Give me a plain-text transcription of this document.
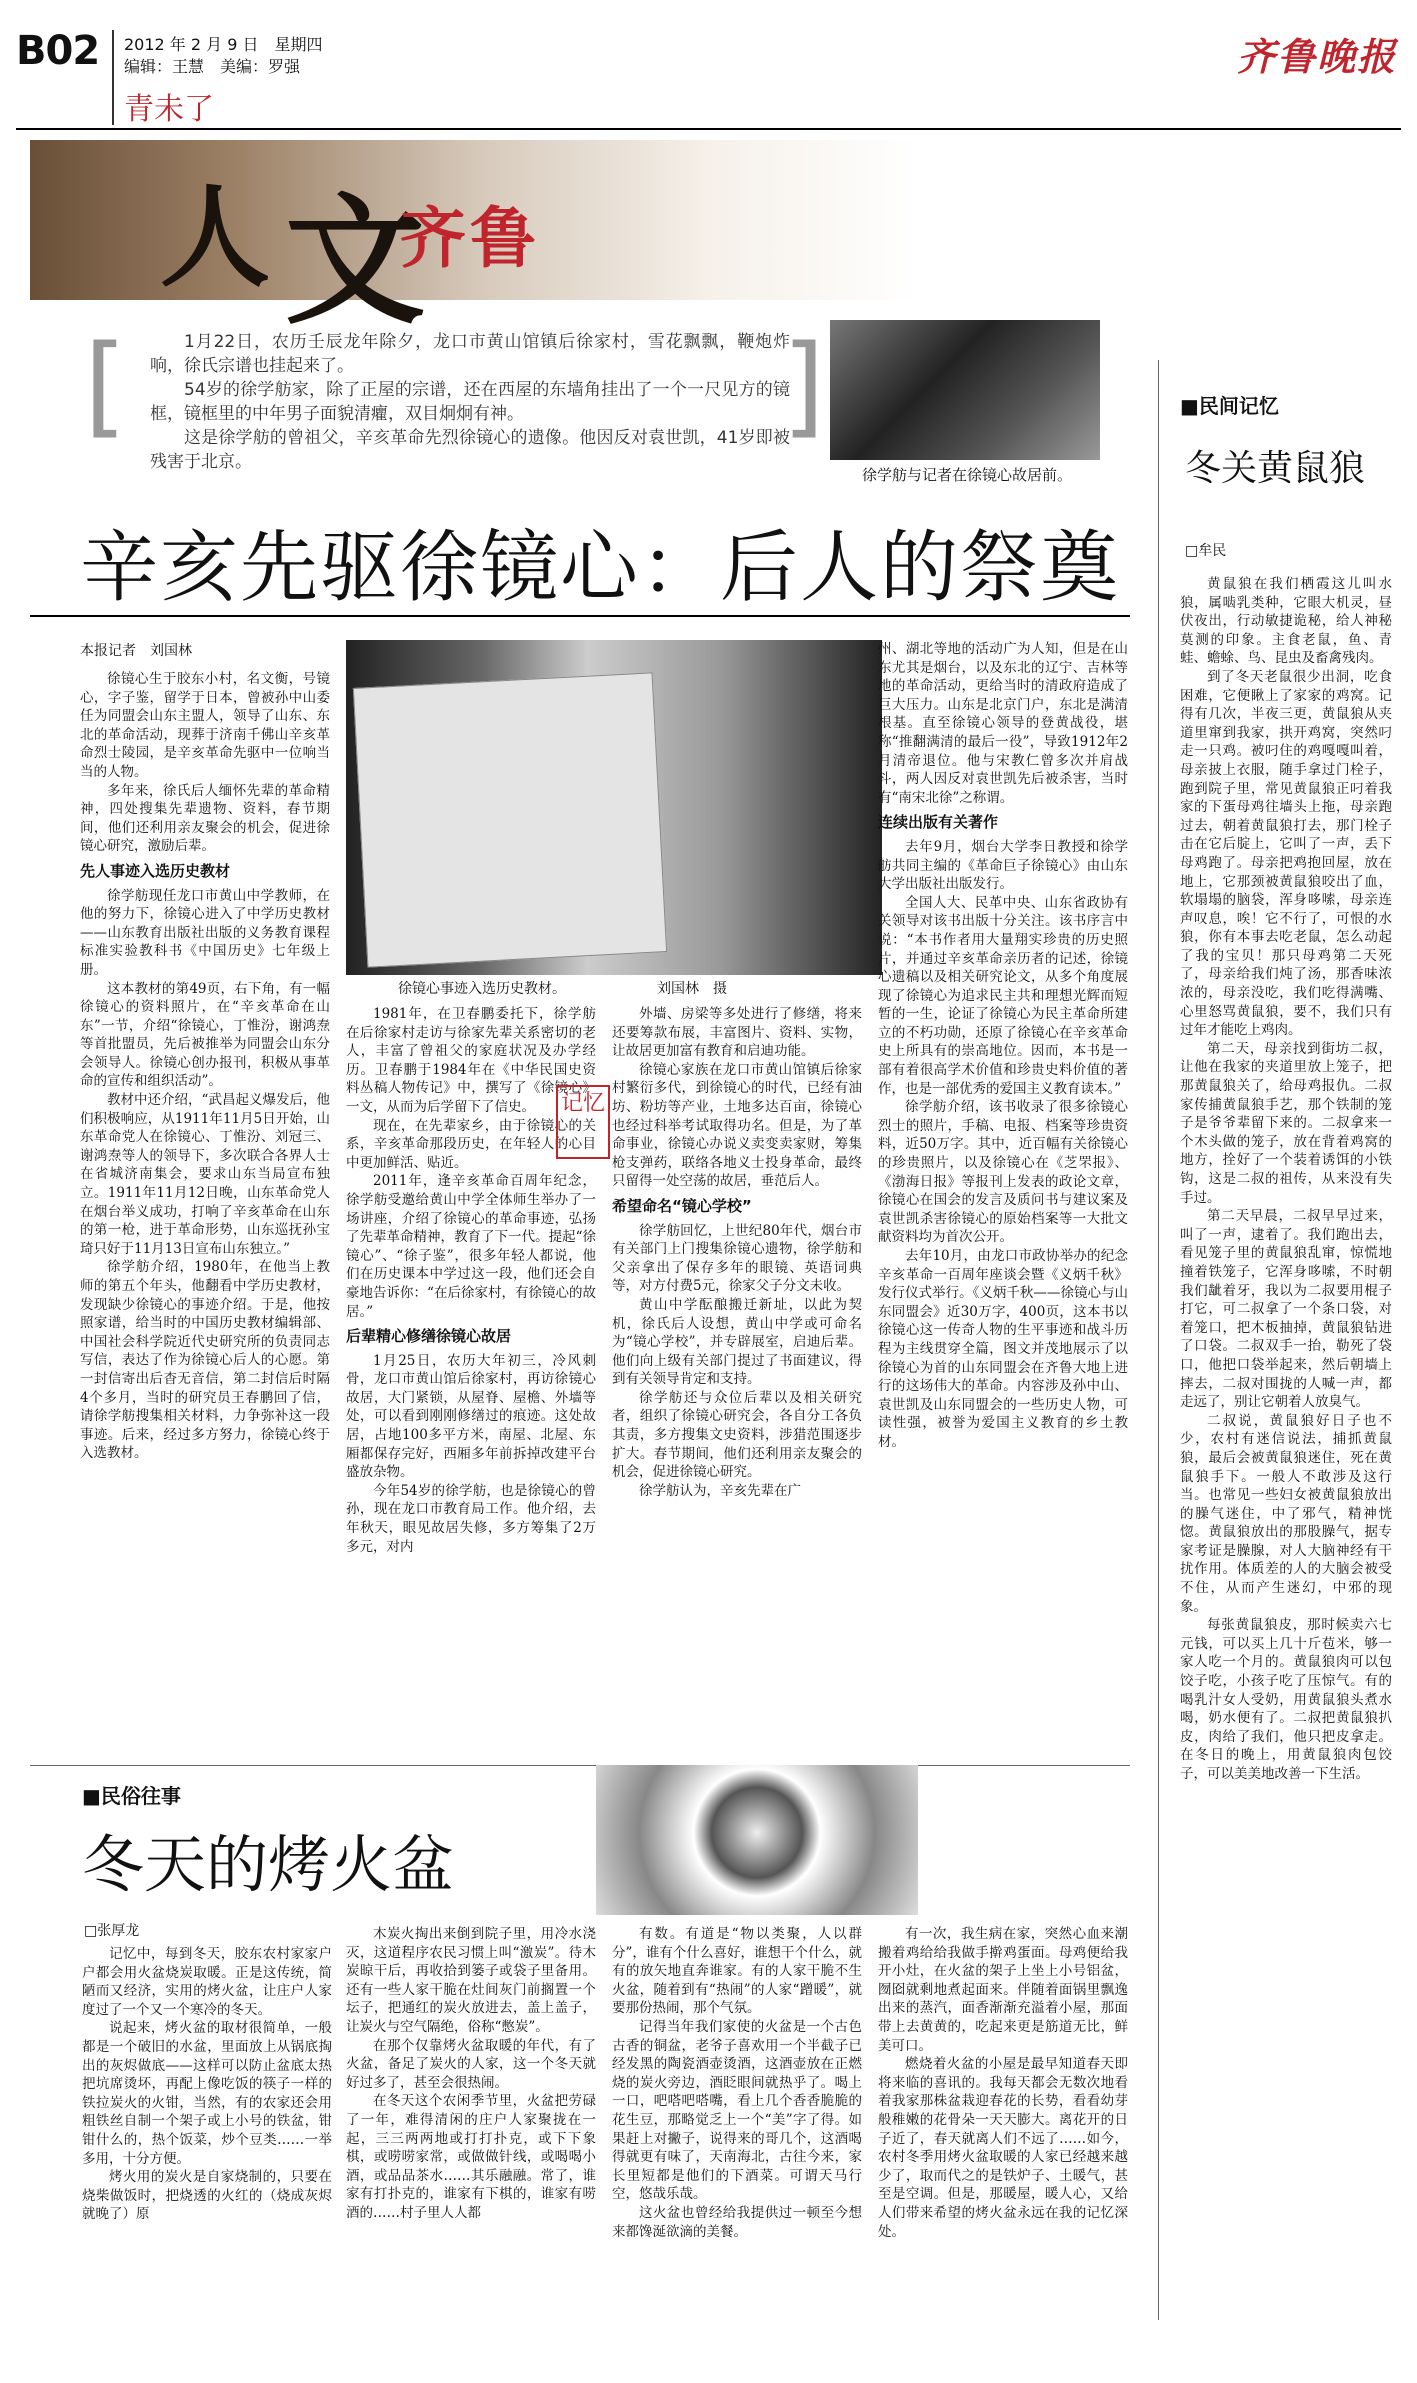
B02 2012 年 2 月 9 日　星期四
编辑：王慧　美编：罗强
青未了
齐鲁晚报
人 文
齐鲁
[	]

1月22日，农历壬辰龙年除夕，龙口市黄山馆镇后徐家村，雪花飘飘，鞭炮炸响，徐氏宗谱也挂起来了。

54岁的徐学舫家，除了正屋的宗谱，还在西屋的东墙角挂出了一个一尺见方的镜框，镜框里的中年男子面貌清癯，双目炯炯有神。

这是徐学舫的曾祖父，辛亥革命先烈徐镜心的遗像。他因反对袁世凯，41岁即被残害于北京。

徐学舫与记者在徐镜心故居前。
辛亥先驱徐镜心：后人的祭奠
本报记者　刘国林
徐镜心事迹入选历史教材。	刘国林　摄

徐镜心生于胶东小村，名文衡，号镜心，字子鉴，留学于日本，曾被孙中山委任为同盟会山东主盟人，领导了山东、东北的革命活动，现葬于济南千佛山辛亥革命烈士陵园，是辛亥革命先驱中一位响当当的人物。

多年来，徐氏后人缅怀先辈的革命精神，四处搜集先辈遗物、资料，春节期间，他们还利用亲友聚会的机会，促进徐镜心研究，激励后辈。

先人事迹入选历史教材

徐学舫现任龙口市黄山中学教师，在他的努力下，徐镜心进入了中学历史教材——山东教育出版社出版的义务教育课程标准实验教科书《中国历史》七年级上册。

这本教材的第49页，右下角，有一幅徐镜心的资料照片，在“辛亥革命在山东”一节，介绍“徐镜心，丁惟汾，谢鸿焘等首批盟员，先后被推举为同盟会山东分会领导人。徐镜心创办报刊，积极从事革命的宣传和组织活动”。

教材中还介绍，“武昌起义爆发后，他们积极响应，从1911年11月5日开始，山东革命党人在徐镜心、丁惟汾、刘冠三、谢鸿焘等人的领导下，多次联合各界人士在省城济南集会，要求山东当局宣布独立。1911年11月12日晚，山东革命党人在烟台举义成功，打响了辛亥革命在山东的第一枪，进于革命形势，山东巡抚孙宝琦只好于11月13日宣布山东独立。”

徐学舫介绍，1980年，在他当上教师的第五个年头，他翻看中学历史教材，发现缺少徐镜心的事迹介绍。于是，他按照家谱，给当时的中国历史教材编辑部、中国社会科学院近代史研究所的负责同志写信，表达了作为徐镜心后人的心愿。第一封信寄出后杳无音信，第二封信后时隔4个多月，当时的研究员王春鹏回了信，请徐学舫搜集相关材料，力争弥补这一段事迹。后来，经过多方努力，徐镜心终于入选教材。

1981年，在卫春鹏委托下，徐学舫在后徐家村走访与徐家先辈关系密切的老人，丰富了曾祖父的家庭状况及办学经历。卫春鹏于1984年在《中华民国史资料丛稿人物传记》中，撰写了《徐镜心》一文，从而为后学留下了信史。

现在，在先辈家乡，由于徐镜心的关系，辛亥革命那段历史，在年轻人的心目中更加鲜活、贴近。

2011年，逢辛亥革命百周年纪念，徐学舫受邀给黄山中学全体师生举办了一场讲座，介绍了徐镜心的革命事迹，弘扬了先辈革命精神，教育了下一代。提起“徐镜心”、“徐子鉴”，很多年轻人都说，他们在历史课本中学过这一段，他们还会自豪地告诉你：“在后徐家村，有徐镜心的故居。”

后辈精心修缮徐镜心故居

1月25日，农历大年初三，冷风刺骨，龙口市黄山馆后徐家村，再访徐镜心故居，大门紧锁，从屋脊、屋檐、外墙等处，可以看到刚刚修缮过的痕迹。这处故居，占地100多平方米，南屋、北屋、东厢都保存完好，西厢多年前拆掉改建平台盛放杂物。

今年54岁的徐学舫，也是徐镜心的曾孙，现在龙口市教育局工作。他介绍，去年秋天，眼见故居失修，多方筹集了2万多元，对内

外墙、房梁等多处进行了修缮，将来还要筹款布展，丰富图片、资料、实物，让故居更加富有教育和启迪功能。

徐镜心家族在龙口市黄山馆镇后徐家村繁衍多代，到徐镜心的时代，已经有油坊、粉坊等产业，土地多达百亩，徐镜心也经过科举考试取得功名。但是，为了革命事业，徐镜心办说义卖变卖家财，筹集枪支弹药，联络各地义士投身革命，最终只留得一处空荡的故居，垂范后人。

希望命名“镜心学校”

徐学舫回忆，上世纪80年代，烟台市有关部门上门搜集徐镜心遗物，徐学舫和父亲拿出了保存多年的眼镜、英语词典等，对方付费5元，徐家父子分文未收。

黄山中学酝酿搬迁新址，以此为契机，徐氏后人设想，黄山中学或可命名为“镜心学校”，并专辟展室，启迪后辈。他们向上级有关部门提过了书面建议，得到有关领导肯定和支持。

徐学舫还与众位后辈以及相关研究者，组织了徐镜心研究会，各自分工各负其责，多方搜集文史资料，涉猎范围逐步扩大。春节期间，他们还利用亲友聚会的机会，促进徐镜心研究。

徐学舫认为，辛亥先辈在广

记忆

州、湖北等地的活动广为人知，但是在山东尤其是烟台，以及东北的辽宁、吉林等地的革命活动，更给当时的清政府造成了巨大压力。山东是北京门户，东北是满清根基。直至徐镜心领导的登黄战役，堪称“推翻满清的最后一役”，导致1912年2月清帝退位。他与宋教仁曾多次并肩战斗，两人因反对袁世凯先后被杀害，当时有“南宋北徐”之称谓。

连续出版有关著作

去年9月，烟台大学李日教授和徐学舫共同主编的《革命巨子徐镜心》由山东大学出版社出版发行。

全国人大、民革中央、山东省政协有关领导对该书出版十分关注。该书序言中说：“本书作者用大量翔实珍贵的历史照片，并通过辛亥革命亲历者的记述，徐镜心遗稿以及相关研究论文，从多个角度展现了徐镜心为追求民主共和理想光辉而短暂的一生，论证了徐镜心为民主革命所建立的不朽功勋，还原了徐镜心在辛亥革命史上所具有的崇高地位。因而，本书是一部有着很高学术价值和珍贵史料价值的著作，也是一部优秀的爱国主义教育读本。”

徐学舫介绍，该书收录了很多徐镜心烈士的照片，手稿、电报、档案等珍贵资料，近50万字。其中，近百幅有关徐镜心的珍贵照片，以及徐镜心在《芝罘报》、《渤海日报》等报刊上发表的政论文章，徐镜心在国会的发言及质问书与建议案及袁世凯杀害徐镜心的原始档案等一大批文献资料均为首次公开。

去年10月，由龙口市政协举办的纪念辛亥革命一百周年座谈会暨《义炳千秋》发行仪式举行。《义炳千秋——徐镜心与山东同盟会》近30万字，400页，这本书以徐镜心这一传奇人物的生平事迹和战斗历程为主线贯穿全篇，图文并茂地展示了以徐镜心为首的山东同盟会在齐鲁大地上进行的这场伟大的革命。内容涉及孙中山、袁世凯及山东同盟会的一些历史人物，可读性强，被誉为爱国主义教育的乡土教材。

■民间记忆
冬关黄鼠狼
□牟民

黄鼠狼在我们栖霞这儿叫水狼，属啮乳类种，它眼大机灵，昼伏夜出，行动敏捷诡秘，给人神秘莫测的印象。主食老鼠，鱼、青蛙、蟾蜍、鸟、昆虫及畜禽残肉。

到了冬天老鼠很少出洞，吃食困难，它便瞅上了家家的鸡窝。记得有几次，半夜三更，黄鼠狼从夹道里窜到我家，拱开鸡窝，突然叼走一只鸡。被叼住的鸡嘎嘎叫着，母亲披上衣服，随手拿过门栓子，跑到院子里，常见黄鼠狼正叼着我家的下蛋母鸡往墙头上拖，母亲跑过去，朝着黄鼠狼打去，那门栓子击在它后腚上，它叫了一声，丢下母鸡跑了。母亲把鸡抱回屋，放在地上，它那颈被黄鼠狼咬出了血，软塌塌的脑袋，浑身哆嗦，母亲连声叹息，唉！它不行了，可恨的水狼，你有本事去吃老鼠，怎么动起了我的宝贝！那只母鸡第二天死了，母亲给我们炖了汤，那香味浓浓的，母亲没吃，我们吃得满嘴、心里怒骂黄鼠狼，要不，我们只有过年才能吃上鸡肉。

第二天，母亲找到街坊二叔，让他在我家的夹道里放上笼子，把那黄鼠狼关了，给母鸡报仇。二叔家传捕黄鼠狼手艺，那个铁制的笼子是爷爷辈留下来的。二叔拿来一个木头做的笼子，放在背着鸡窝的地方，拴好了一个装着诱饵的小铁钩，这是二叔的祖传，从来没有失手过。

第二天早晨，二叔早早过来，叫了一声，逮着了。我们跑出去，看见笼子里的黄鼠狼乱窜，惊慌地撞着铁笼子，它浑身哆嗦，不时朝我们龇着牙，我以为二叔要用棍子打它，可二叔拿了一个条口袋，对着笼口，把木板抽掉，黄鼠狼钻进了口袋。二叔双手一抬，勒死了袋口，他把口袋举起来，然后朝墙上摔去，二叔对围拢的人喊一声，都走远了，别让它朝着人放臭气。

二叔说，黄鼠狼好日子也不少，农村有迷信说法，捕抓黄鼠狼，最后会被黄鼠狼迷住，死在黄鼠狼手下。一般人不敢涉及这行当。也常见一些妇女被黄鼠狼放出的臊气迷住，中了邪气，精神恍惚。黄鼠狼放出的那股臊气，据专家考证是臊腺，对人大脑神经有干扰作用。体质差的人的大脑会被受不住，从而产生迷幻，中邪的现象。

每张黄鼠狼皮，那时候卖六七元钱，可以买上几十斤苞米，够一家人吃一个月的。黄鼠狼肉可以包饺子吃，小孩子吃了压惊气。有的喝乳汁女人受奶，用黄鼠狼头煮水喝，奶水便有了。二叔把黄鼠狼扒皮，肉给了我们，他只把皮拿走。在冬日的晚上，用黄鼠狼肉包饺子，可以美美地改善一下生活。

■民俗往事
冬天的烤火盆
□张厚龙

记忆中，每到冬天，胶东农村家家户户都会用火盆烧炭取暖。正是这传统，简陋而又经济，实用的烤火盆，让庄户人家度过了一个又一个寒冷的冬天。

说起来，烤火盆的取材很简单，一般都是一个破旧的水盆，里面放上从锅底掏出的灰烬做底——这样可以防止盆底太热把坑席烫坏，再配上像吃饭的筷子一样的铁拉炭火的火钳，当然，有的农家还会用粗铁丝自制一个架子或上小号的铁盆，钳钳什么的，热个饭菜，炒个豆类……一举多用，十分方便。

烤火用的炭火是自家烧制的，只要在烧柴做饭时，把烧透的火红的（烧成灰烬就晚了）原

木炭火掏出来倒到院子里，用冷水浇灭，这道程序农民习惯上叫“激炭”。待木炭晾干后，再收拾到篓子或袋子里备用。还有一些人家干脆在灶间灰门前搁置一个坛子，把通红的炭火放进去，盖上盖子，让炭火与空气隔绝，俗称“憋炭”。

在那个仅靠烤火盆取暖的年代，有了火盆，备足了炭火的人家，这一个冬天就好过多了，甚至会很热闹。

在冬天这个农闲季节里，火盆把劳碌了一年，难得清闲的庄户人家聚拢在一起，三三两两地或打打扑克，或下下象棋，或唠唠家常，或做做针线，或喝喝小酒，或品品茶水……其乐融融。常了，谁家有打扑克的，谁家有下棋的，谁家有唠酒的……村子里人人都

有数。有道是“物以类聚，人以群分”，谁有个什么喜好，谁想干个什么，就有的放矢地直奔谁家。有的人家干脆不生火盆，随着到有“热闹”的人家“蹭暖”，就要那份热闹，那个气氛。

记得当年我们家使的火盆是一个古色古香的铜盆，老爷子喜欢用一个半截子已经发黑的陶瓷酒壶烫酒，这酒壶放在正燃烧的炭火旁边，酒眨眼间就热乎了。喝上一口，吧嗒吧嗒嘴，看上几个香香脆脆的花生豆，那略觉乏上一个“美”字了得。如果赶上对撇子，说得来的哥几个，这酒喝得就更有味了，天南海北，古往今来，家长里短都是他们的下酒菜。可谓天马行空，悠哉乐哉。

这火盆也曾经给我提供过一顿至今想来都馋涎欲滴的美餐。

有一次，我生病在家，突然心血来潮搬着鸡给给我做手擀鸡蛋面。母鸡便给我开小灶，在火盆的架子上坐上小号铝盆，囫囵就剩地煮起面来。伴随着面锅里飘逸出来的蒸汽，面香渐渐充溢着小屋，那面带上去黄黄的，吃起来更是筋道无比，鲜美可口。

燃烧着火盆的小屋是最早知道春天即将来临的喜讯的。我每天都会无数次地看着我家那株盆栽迎春花的长势，看看幼芽般稚嫩的花骨朵一天天膨大。离花开的日子近了，春天就离人们不远了……如今，农村冬季用烤火盆取暖的人家已经越来越少了，取而代之的是铁炉子、土暖气，甚至是空调。但是，那暖屋，暖人心，又给人们带来希望的烤火盆永远在我的记忆深处。
